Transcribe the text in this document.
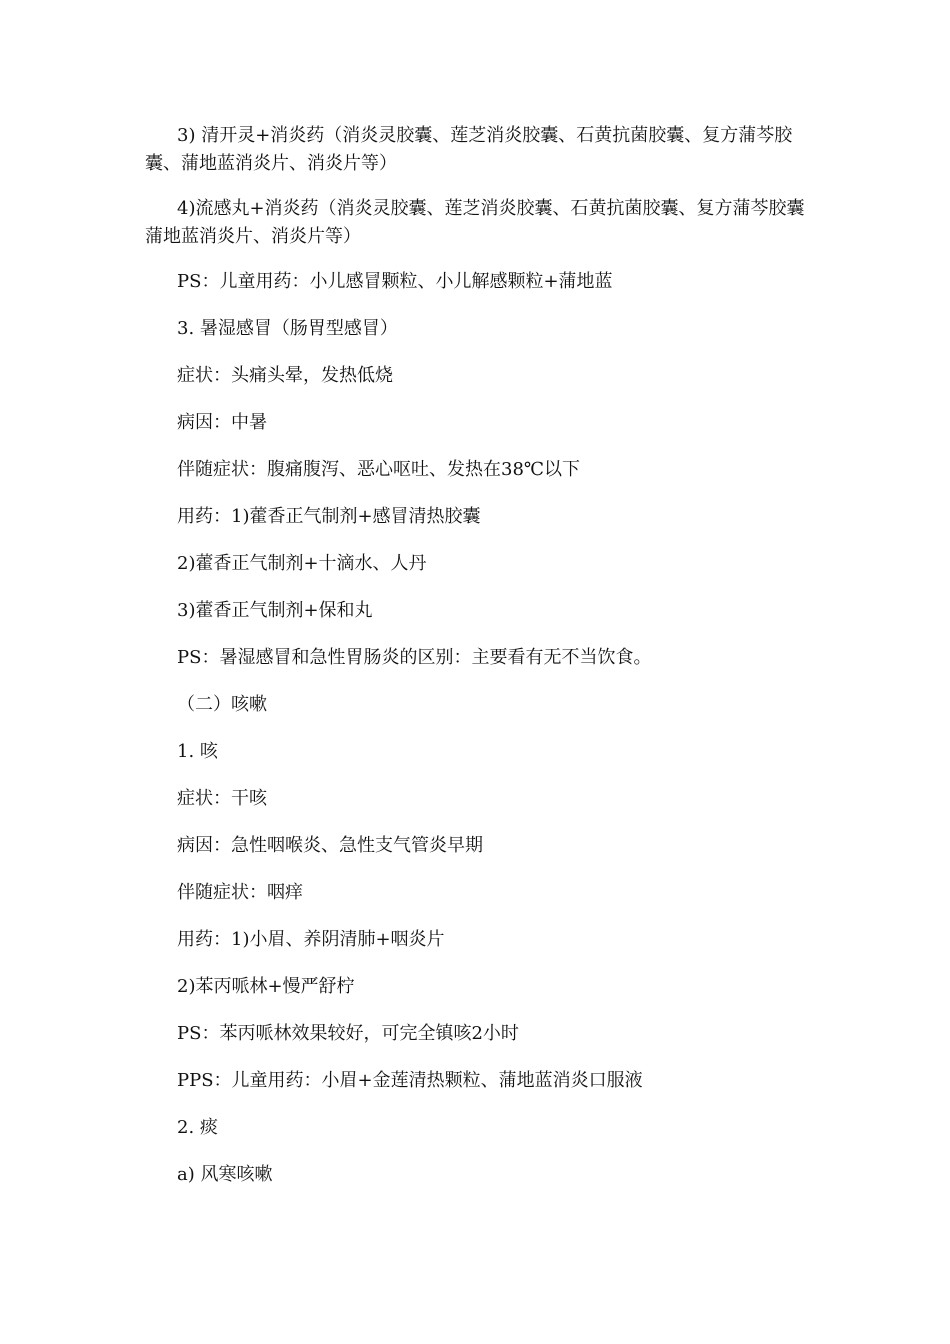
3) 清开灵+消炎药（消炎灵胶囊、莲芝消炎胶囊、石黄抗菌胶囊、复方蒲芩胶囊、蒲地蓝消炎片、消炎片等）

4)流感丸+消炎药（消炎灵胶囊、莲芝消炎胶囊、石黄抗菌胶囊、复方蒲芩胶囊蒲地蓝消炎片、消炎片等）

PS：儿童用药：小儿感冒颗粒、小儿解感颗粒+蒲地蓝

3. 暑湿感冒（肠胃型感冒）

症状：头痛头晕，发热低烧

病因：中暑

伴随症状：腹痛腹泻、恶心呕吐、发热在38℃以下

用药：1)藿香正气制剂+感冒清热胶囊

2)藿香正气制剂+十滴水、人丹

3)藿香正气制剂+保和丸

PS：暑湿感冒和急性胃肠炎的区别：主要看有无不当饮食。

（二）咳嗽

1. 咳

症状：干咳

病因：急性咽喉炎、急性支气管炎早期

伴随症状：咽痒

用药：1)小眉、养阴清肺+咽炎片

2)苯丙哌林+慢严舒柠

PS：苯丙哌林效果较好，可完全镇咳2小时

PPS：儿童用药：小眉+金莲清热颗粒、蒲地蓝消炎口服液

2. 痰

a) 风寒咳嗽
